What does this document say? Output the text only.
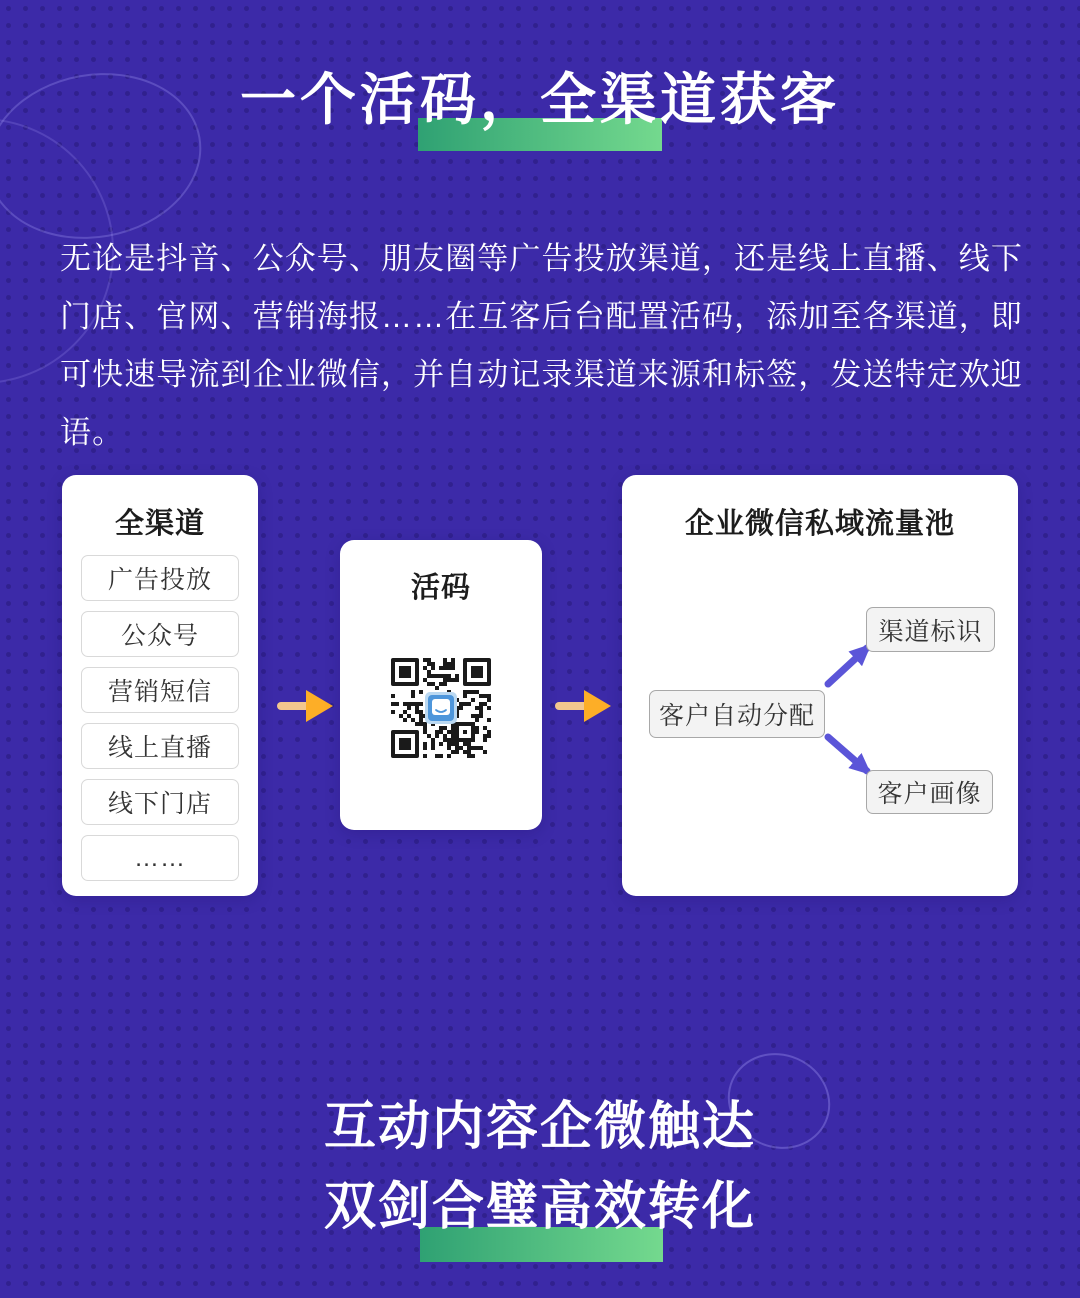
一个活码，全渠道获客

无论是抖音、公众号、朋友圈等广告投放渠道，还是线上直播、线下门店、官网、营销海报……在互客后台配置活码，添加至各渠道，即可快速导流到企业微信，并自动记录渠道来源和标签，发送特定欢迎语。

全渠道
广告投放
公众号
营销短信
线上直播
线下门店
……
活码
企业微信私域流量池
客户自动分配
渠道标识
客户画像
互动内容企微触达
双剑合璧高效转化
